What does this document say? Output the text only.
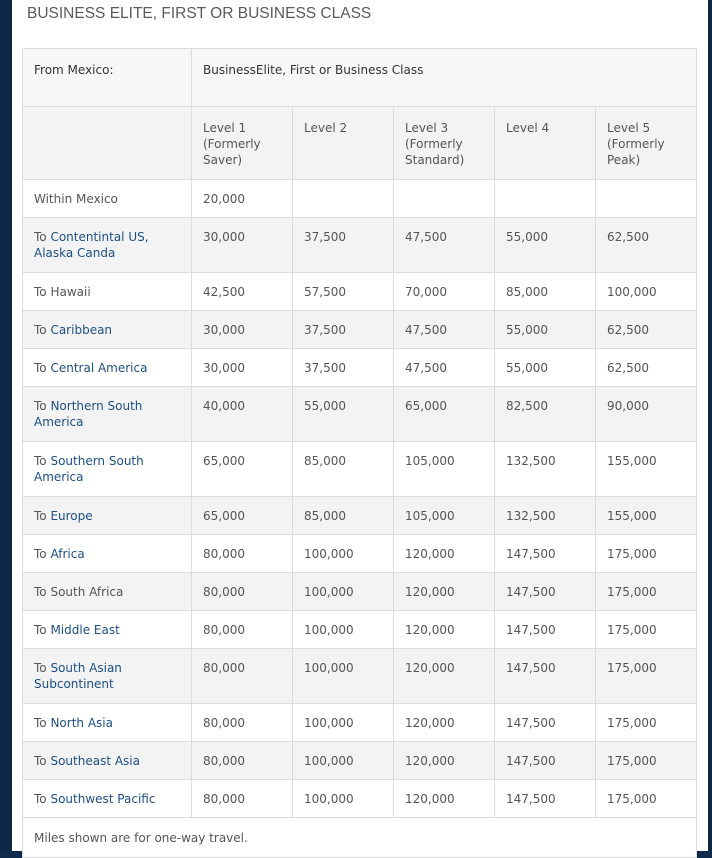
BUSINESS ELITE, FIRST OR BUSINESS CLASS
From Mexico:	BusinessElite, First or Business Class				
	Level 1 (Formerly Saver)	Level 2	Level 3 (Formerly Standard)	Level 4	Level 5 (Formerly Peak)
Within Mexico	20,000				
To Contentintal US, Alaska Canda	30,000	37,500	47,500	55,000	62,500
To Hawaii	42,500	57,500	70,000	85,000	100,000
To Caribbean	30,000	37,500	47,500	55,000	62,500
To Central America	30,000	37,500	47,500	55,000	62,500
To Northern South America	40,000	55,000	65,000	82,500	90,000
To Southern South America	65,000	85,000	105,000	132,500	155,000
To Europe	65,000	85,000	105,000	132,500	155,000
To Africa	80,000	100,000	120,000	147,500	175,000
To South Africa	80,000	100,000	120,000	147,500	175,000
To Middle East	80,000	100,000	120,000	147,500	175,000
To South Asian Subcontinent	80,000	100,000	120,000	147,500	175,000
To North Asia	80,000	100,000	120,000	147,500	175,000
To Southeast Asia	80,000	100,000	120,000	147,500	175,000
To Southwest Pacific	80,000	100,000	120,000	147,500	175,000
Miles shown are for one-way travel.					
